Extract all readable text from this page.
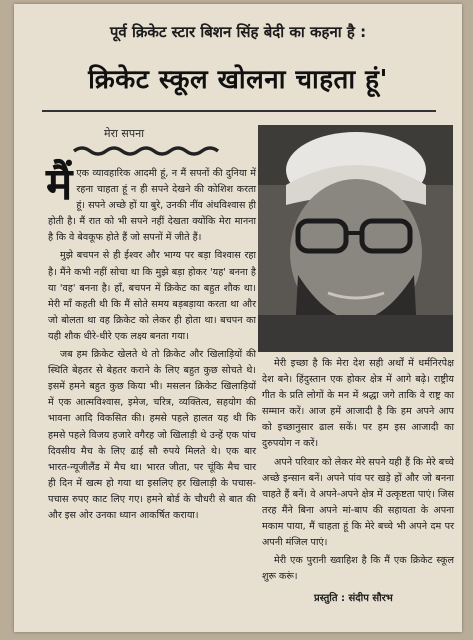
पूर्व क्रिकेट स्टार बिशन सिंह बेदी का कहना है :
क्रिकेट स्कूल खोलना चाहता हूं'
मेरा सपना

मैंएक व्यावहारिक आदमी हूं, न मैं सपनों की दुनिया में रहना चाहता हूं न ही सपने देखने की कोशिश करता हूं। सपने अच्छे हों या बुरे, उनकी नींव अंधविश्वास ही होती है। मैं रात को भी सपने नहीं देखता क्योंकि मेरा मानना है कि वे बेवकूफ होते हैं जो सपनों में जीते हैं।

मुझे बचपन से ही ईश्वर और भाग्य पर बड़ा विश्वास रहा है। मैंने कभी नहीं सोचा था कि मुझे बड़ा होकर 'यह' बनना है या 'वह' बनना है। हाँ, बचपन में क्रिकेट का बहुत शौक था। मेरी माँ कहती थी कि मैं सोते समय बड़बड़ाया करता था और जो बोलता था वह क्रिकेट को लेकर ही होता था। बचपन का यही शौक धीरे-धीरे एक लक्ष्य बनता गया।

जब हम क्रिकेट खेलते थे तो क्रिकेट और खिलाड़ियों की स्थिति बेहतर से बेहतर कराने के लिए बहुत कुछ सोचते थे। इसमें हमने बहुत कुछ किया भी। मसलन क्रिकेट खिलाड़ियों में एक आत्मविश्वास, इमेज, चरित्र, व्यक्तित्व, सहयोग की भावना आदि विकसित की। हमसे पहले हालत यह थी कि हमसे पहले विजय हजारे वगैरह जो खिलाड़ी थे उन्हें एक पांच दिवसीय मैच के लिए ढाई सौ रुपये मिलते थे। एक बार भारत-न्यूजीलैंड में मैच था। भारत जीता, पर चूंकि मैच चार ही दिन में खत्म हो गया था इसलिए हर खिलाड़ी के पचास-पचास रुपए काट लिए गए। हमने बोर्ड के चौधरी से बात की और इस ओर उनका ध्यान आकर्षित कराया।

मेरी इच्छा है कि मेरा देश सही अर्थों में धर्मनिरपेक्ष देश बने। हिंदुस्तान एक होकर क्षेत्र में आगे बढ़े। राष्ट्रीय गीत के प्रति लोगों के मन में श्रद्धा जगे ताकि वे राष्ट्र का सम्मान करें। आज हमें आजादी है कि हम अपने आप को इच्छानुसार ढाल सकें। पर हम इस आजादी का दुरुपयोग न करें।

अपने परिवार को लेकर मेरे सपने यही हैं कि मेरे बच्चे अच्छे इन्सान बनें। अपने पांव पर खड़े हों और जो बनना चाहते हैं बनें। वे अपने-अपने क्षेत्र में उत्कृष्टता पाएं। जिस तरह मैंने बिना अपने मां-बाप की सहायता के अपना मकाम पाया, मैं चाहता हूं कि मेरे बच्चे भी अपने दम पर अपनी मंजिल पाएं।

मेरी एक पुरानी ख्वाहिश है कि मैं एक क्रिकेट स्कूल शुरू करूं।

प्रस्तुति : संदीप सौरभ
